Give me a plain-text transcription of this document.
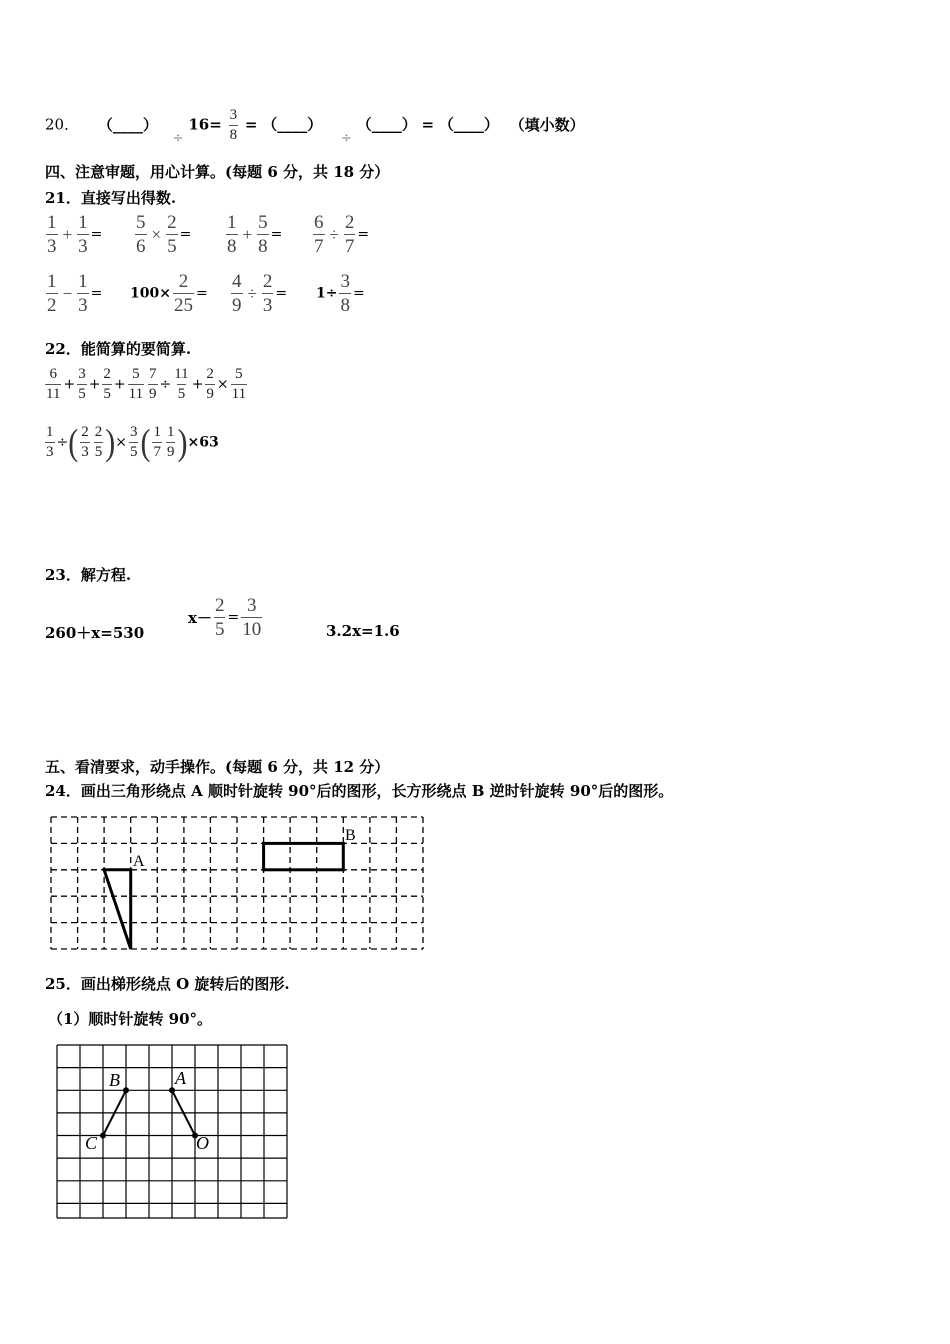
20． （____） ÷ $16= \frac{3}{8}$ = （____） ÷ （____） = （____） （填小数）
四、注意审题，用心计算。(每题 6 分，共 18 分）
21．直接写出得数.
$\frac{1}{3} + \frac{1}{3} = \frac{5}{6} \times \frac{2}{5} = \frac{1}{8} + \frac{5}{8} = \frac{6}{7} \div \frac{2}{7}$ =
$\frac{1}{2} - \frac{1}{3} = 100\times \frac{2}{25} = \frac{4}{9} \div \frac{2}{3} = 1\div \frac{3}{8}$ =
22．能简算的要简算.
$\frac{6}{11} + \frac{3}{5} + \frac{2}{5} + \frac{5}{11} \frac{7}{9} \div \frac{11}{5} + \frac{2}{9} \times \frac{5}{11}$
$\frac{1}{3}$ ÷( $\frac{2}{3} \frac{2}{5}$ )× $\frac{3}{5}$ ( $\frac{1}{7} \frac{1}{9} )\times 63$
23．解方程.
260＋x=530
$x- \frac{2}{5} = \frac{3}{10}$	3.2x=1.6
五、看清要求，动手操作。(每题 6 分，共 12 分）
24．画出三角形绕点 A 顺时针旋转 90°后的图形，长方形绕点 B 逆时针旋转 90°后的图形。
A
B
25．画出梯形绕点 O 旋转后的图形.
（1）顺时针旋转 90°。
B	A
C	O
